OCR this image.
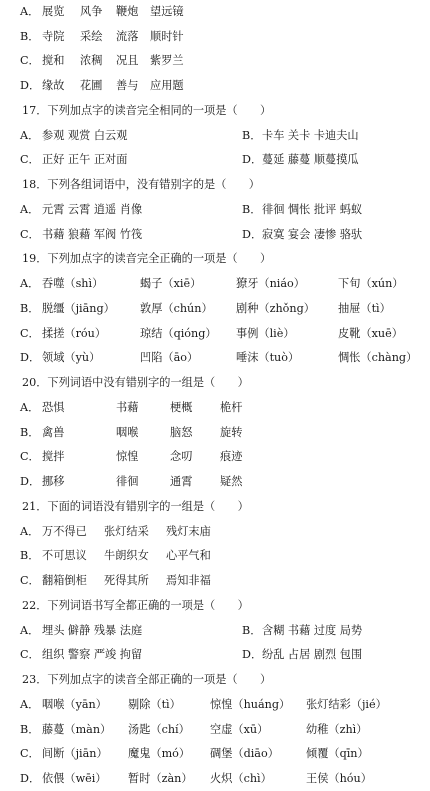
A． 展览 风争 鞭炮 望远镜
B． 寺院 采绘 流落 顺时针
C． 搅和 浓稠 况且 紫罗兰
D． 缘故 花圃 善与 应用题
17．下列加点字的读音完全相同的一项是（　　）
A． 参观 观赏 白云观	B． 卡车 关卡 卡迪夫山
C． 正好 正午 正对面	D． 蔓延 藤蔓 顺蔓摸瓜
18．下列各组词语中，没有错别字的是（　　）
A． 元霄 云霄 逍遥 肖像	B． 徘徊 惆怅 批评 蚂蚁
C． 书藉 狼藉 军阀 竹筏	D． 寂寞 宴会 凄惨 骆驮
19．下列加点字的读音完全正确的一项是（　　）
A． 吞噬（shì）	蝎子（xiē）	獠牙（niáo）	下旬（xún）
B． 脱缰（jiāng） 敦厚（chún） 剧种（zhǒng） 抽屉（tì）
C． 揉搓（róu）	琼结（qióng） 事例（liè）	皮靴（xuē）
D． 领域（yù）	凹陷（āo）	唾沫（tuò）	惆怅（chàng）
20．下列词语中没有错别字的一组是（　　）
A． 恐惧	书藉	梗概 桅杆
B． 禽兽	咽喉	脑怒 旋转
C． 搅拌	惊惶	念叨 痕迹
D． 挪移	徘徊	通霄 疑然
21．下面的词语没有错别字的一组是（　　）
A． 万不得已 张灯结采 残灯末庙
B． 不可思议 牛朗织女 心平气和
C． 翻箱倒柜 死得其所 焉知非福
22．下列词语书写全都正确的一项是（　　）
A． 埋头 僻静 残暴 法庭	B． 含糊 书藉 过度 局势
C． 组织 警察 严竣 拘留	D． 纷乱 占居 剧烈 包围
23．下列加点字的读音全部正确的一项是（　　）
A． 咽喉（yān） 剔除（tì）	惊惶（huáng） 张灯结彩（jié）
B． 藤蔓（màn） 汤匙（chí） 空虚（xū）	幼稚（zhì）
C． 间断（jiān） 魔鬼（mó） 碉堡（diāo） 倾覆（qīn）
D． 依偎（wēi） 暂时（zàn） 火炽（chì）	王侯（hóu）
